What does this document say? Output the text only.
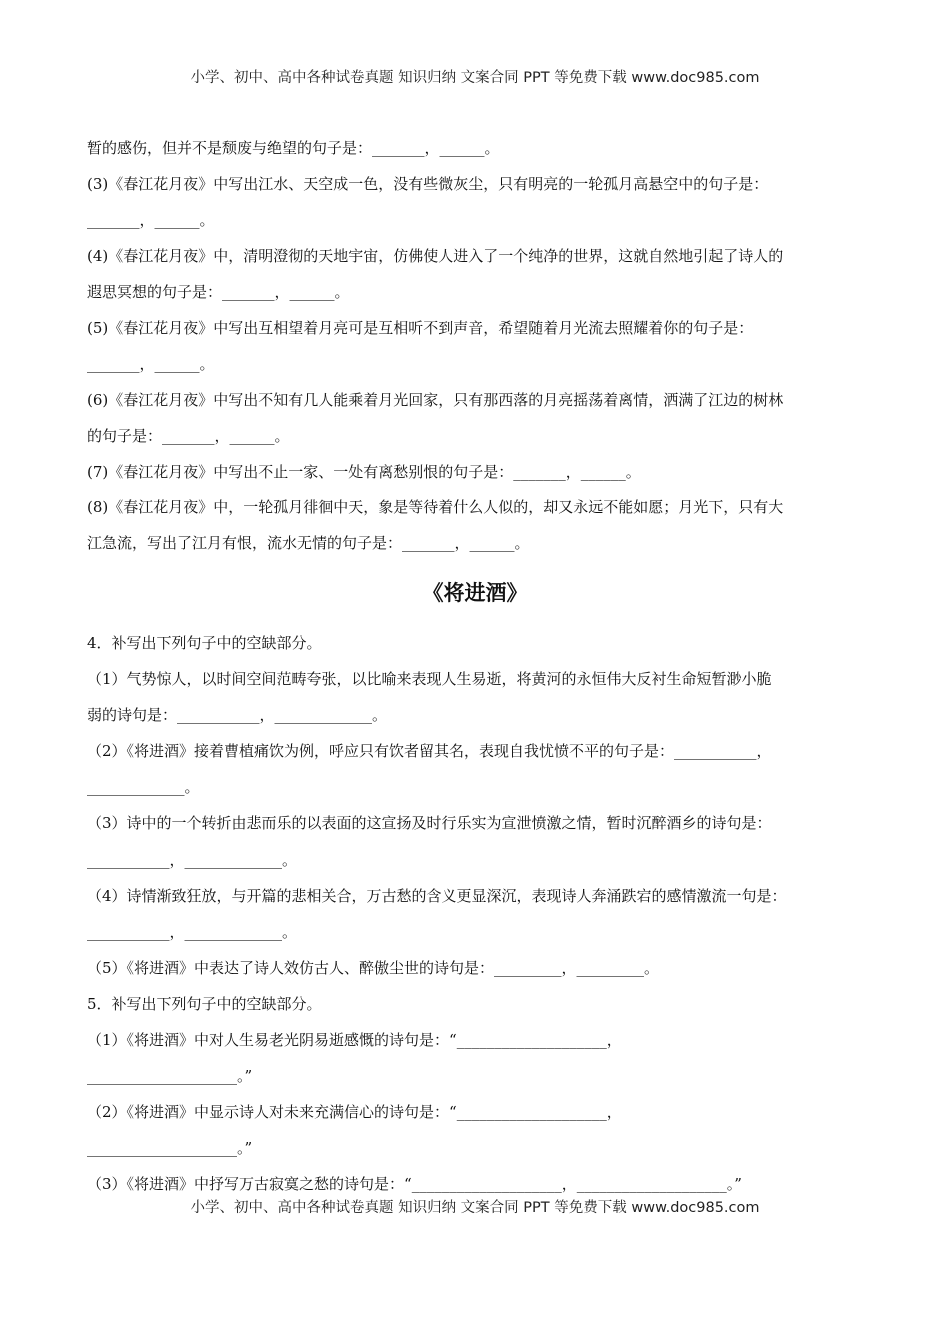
小学、初中、高中各种试卷真题 知识归纳 文案合同 PPT 等免费下载 www.doc985.com
暂的感伤，但并不是颓废与绝望的句子是：_______，______。
(3)《春江花月夜》中写出江水、天空成一色，没有些微灰尘，只有明亮的一轮孤月高悬空中的句子是：
_______，______。
(4)《春江花月夜》中，清明澄彻的天地宇宙，仿佛使人进入了一个纯净的世界，这就自然地引起了诗人的
遐思冥想的句子是：_______，______。
(5)《春江花月夜》中写出互相望着月亮可是互相听不到声音，希望随着月光流去照耀着你的句子是：
_______，______。
(6)《春江花月夜》中写出不知有几人能乘着月光回家，只有那西落的月亮摇荡着离情，洒满了江边的树林
的句子是：_______，______。
(7)《春江花月夜》中写出不止一家、一处有离愁别恨的句子是：_______，______。
(8)《春江花月夜》中，一轮孤月徘徊中天，象是等待着什么人似的，却又永远不能如愿；月光下，只有大
江急流，写出了江月有恨，流水无情的句子是：_______，______。
《将进酒》
4．补写出下列句子中的空缺部分。
（1）气势惊人，以时间空间范畴夸张，以比喻来表现人生易逝，将黄河的永恒伟大反衬生命短暂渺小脆
弱的诗句是：___________，_____________。
（2）《将进酒》接着曹植痛饮为例，呼应只有饮者留其名，表现自我忧愤不平的句子是：___________，
_____________。
（3）诗中的一个转折由悲而乐的以表面的这宣扬及时行乐实为宣泄愤激之情，暂时沉醉酒乡的诗句是：
___________，_____________。
（4）诗情渐致狂放，与开篇的悲相关合，万古愁的含义更显深沉，表现诗人奔涌跌宕的感情激流一句是：
___________，_____________。
（5）《将进酒》中表达了诗人效仿古人、醉傲尘世的诗句是：_________，_________。
5．补写出下列句子中的空缺部分。
（1）《将进酒》中对人生易老光阴易逝感慨的诗句是：“____________________，
____________________。”
（2）《将进酒》中显示诗人对未来充满信心的诗句是：“____________________，
____________________。”
（3）《将进酒》中抒写万古寂寞之愁的诗句是：“____________________，____________________。”
小学、初中、高中各种试卷真题 知识归纳 文案合同 PPT 等免费下载 www.doc985.com
